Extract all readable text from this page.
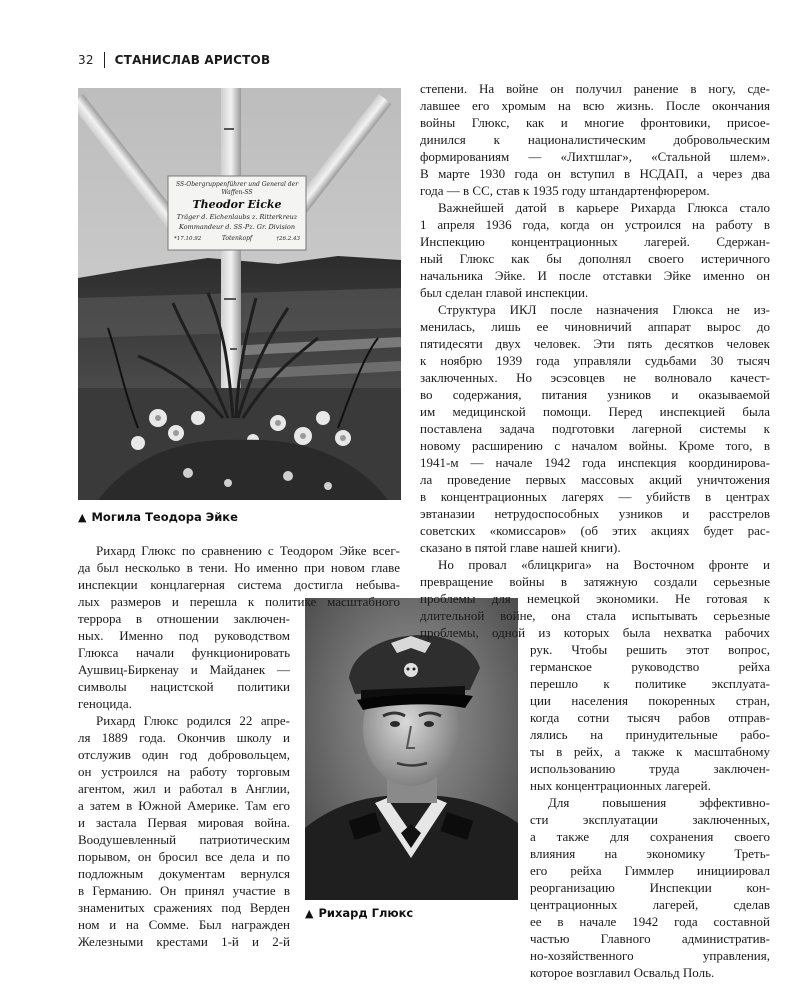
32 СТАНИСЛАВ АРИСТОВ
SS-Obergruppenführer und General der
Waffen-SS
Theodor Eicke
Träger d. Eichenlaubs z. Ritterkreuz
Kommandeur d. SS-Pz. Gr. Division
Totenkopf
*17.10.92	†26.2.43
▲ Могила Теодора Эйке
▲ Рихард Глюкс
степени. На войне он получил ранение в ногу, сде-
лавшее его хромым на всю жизнь. После окончания
войны Глюкс, как и многие фронтовики, присое-
динился к националистическим добровольческим
формированиям — «Лихтшлаг», «Стальной шлем».
В марте 1930 года он вступил в НСДАП, а через два
года — в СС, став к 1935 году штандартенфюрером.
Важнейшей датой в карьере Рихарда Глюкса стало
1 апреля 1936 года, когда он устроился на работу в
Инспекцию концентрационных лагерей. Сдержан-
ный Глюкс как бы дополнял своего истеричного
начальника Эйке. И после отставки Эйке именно он
был сделан главой инспекции.
Структура ИКЛ после назначения Глюкса не из-
менилась, лишь ее чиновничий аппарат вырос до
пятидесяти двух человек. Эти пять десятков человек
к ноябрю 1939 года управляли судьбами 30 тысяч
заключенных. Но эсэсовцев не волновало качест-
во содержания, питания узников и оказываемой
им медицинской помощи. Перед инспекцией была
поставлена задача подготовки лагерной системы к
новому расширению с началом войны. Кроме того, в
1941-м — начале 1942 года инспекция координирова-
ла проведение первых массовых акций уничтожения
в концентрационных лагерях — убийств в центрах
эвтаназии нетрудоспособных узников и расстрелов
советских «комиссаров» (об этих акциях будет рас-
сказано в пятой главе нашей книги).
Но провал «блицкрига» на Восточном фронте и
превращение войны в затяжную создали серьезные
проблемы для немецкой экономики. Не готовая к
длительной войне, она стала испытывать серьезные
проблемы, одной из которых была нехватка рабочих
рук. Чтобы решить этот вопрос,
германское руководство рейха
перешло к политике эксплуата-
ции населения покоренных стран,
когда сотни тысяч рабов отправ-
лялись на принудительные рабо-
ты в рейх, а также к масштабному
использованию труда заключен-
ных концентрационных лагерей.
Для повышения эффективно-
сти эксплуатации заключенных,
а также для сохранения своего
влияния на экономику Треть-
его рейха Гиммлер инициировал
реорганизацию Инспекции кон-
центрационных лагерей, сделав
ее в начале 1942 года составной
частью Главного административ-
но-хозяйственного управления,
которое возглавил Освальд Поль.
Рихард Глюкс по сравнению с Теодором Эйке всег-
да был несколько в тени. Но именно при новом главе
инспекции концлагерная система достигла небыва-
лых размеров и перешла к политике масштабного
террора в отношении заключен-
ных. Именно под руководством
Глюкса начали функционировать
Аушвиц-Биркенау и Майданек —
символы нацистской политики
геноцида.
Рихард Глюкс родился 22 апре-
ля 1889 года. Окончив школу и
отслужив один год добровольцем,
он устроился на работу торговым
агентом, жил и работал в Англии,
а затем в Южной Америке. Там его
и застала Первая мировая война.
Воодушевленный патриотическим
порывом, он бросил все дела и по
подложным документам вернулся
в Германию. Он принял участие в
знаменитых сражениях под Верден
ном и на Сомме. Был награжден
Железными крестами 1-й и 2-й
